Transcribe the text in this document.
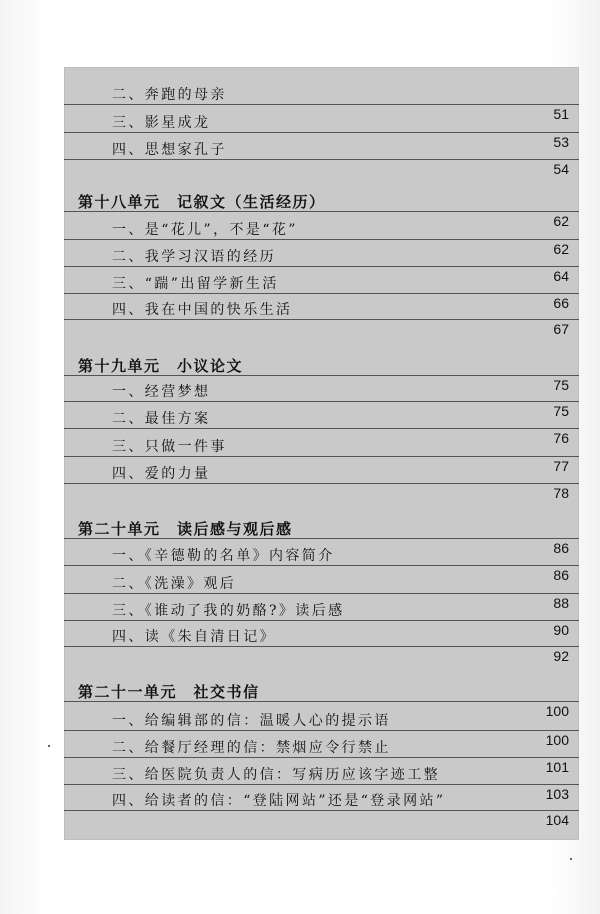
二、奔跑的母亲
51
三、影星成龙
53
四、思想家孔子
54
第十八单元　记叙文（生活经历）
62
一、是“花儿”，不是“花”
62
二、我学习汉语的经历
64
三、“踹”出留学新生活
66
四、我在中国的快乐生活
67
第十九单元　小议论文
75
一、经营梦想
75
二、最佳方案
76
三、只做一件事
77
四、爱的力量
78
第二十单元　读后感与观后感
86
一、《辛德勒的名单》内容简介
86
二、《洗澡》观后
88
三、《谁动了我的奶酪?》读后感
90
四、读《朱自清日记》
92
第二十一单元　社交书信
100
一、给编辑部的信：温暖人心的提示语
100
二、给餐厅经理的信：禁烟应令行禁止
101
三、给医院负责人的信：写病历应该字迹工整
103
四、给读者的信：“登陆网站”还是“登录网站”
104
